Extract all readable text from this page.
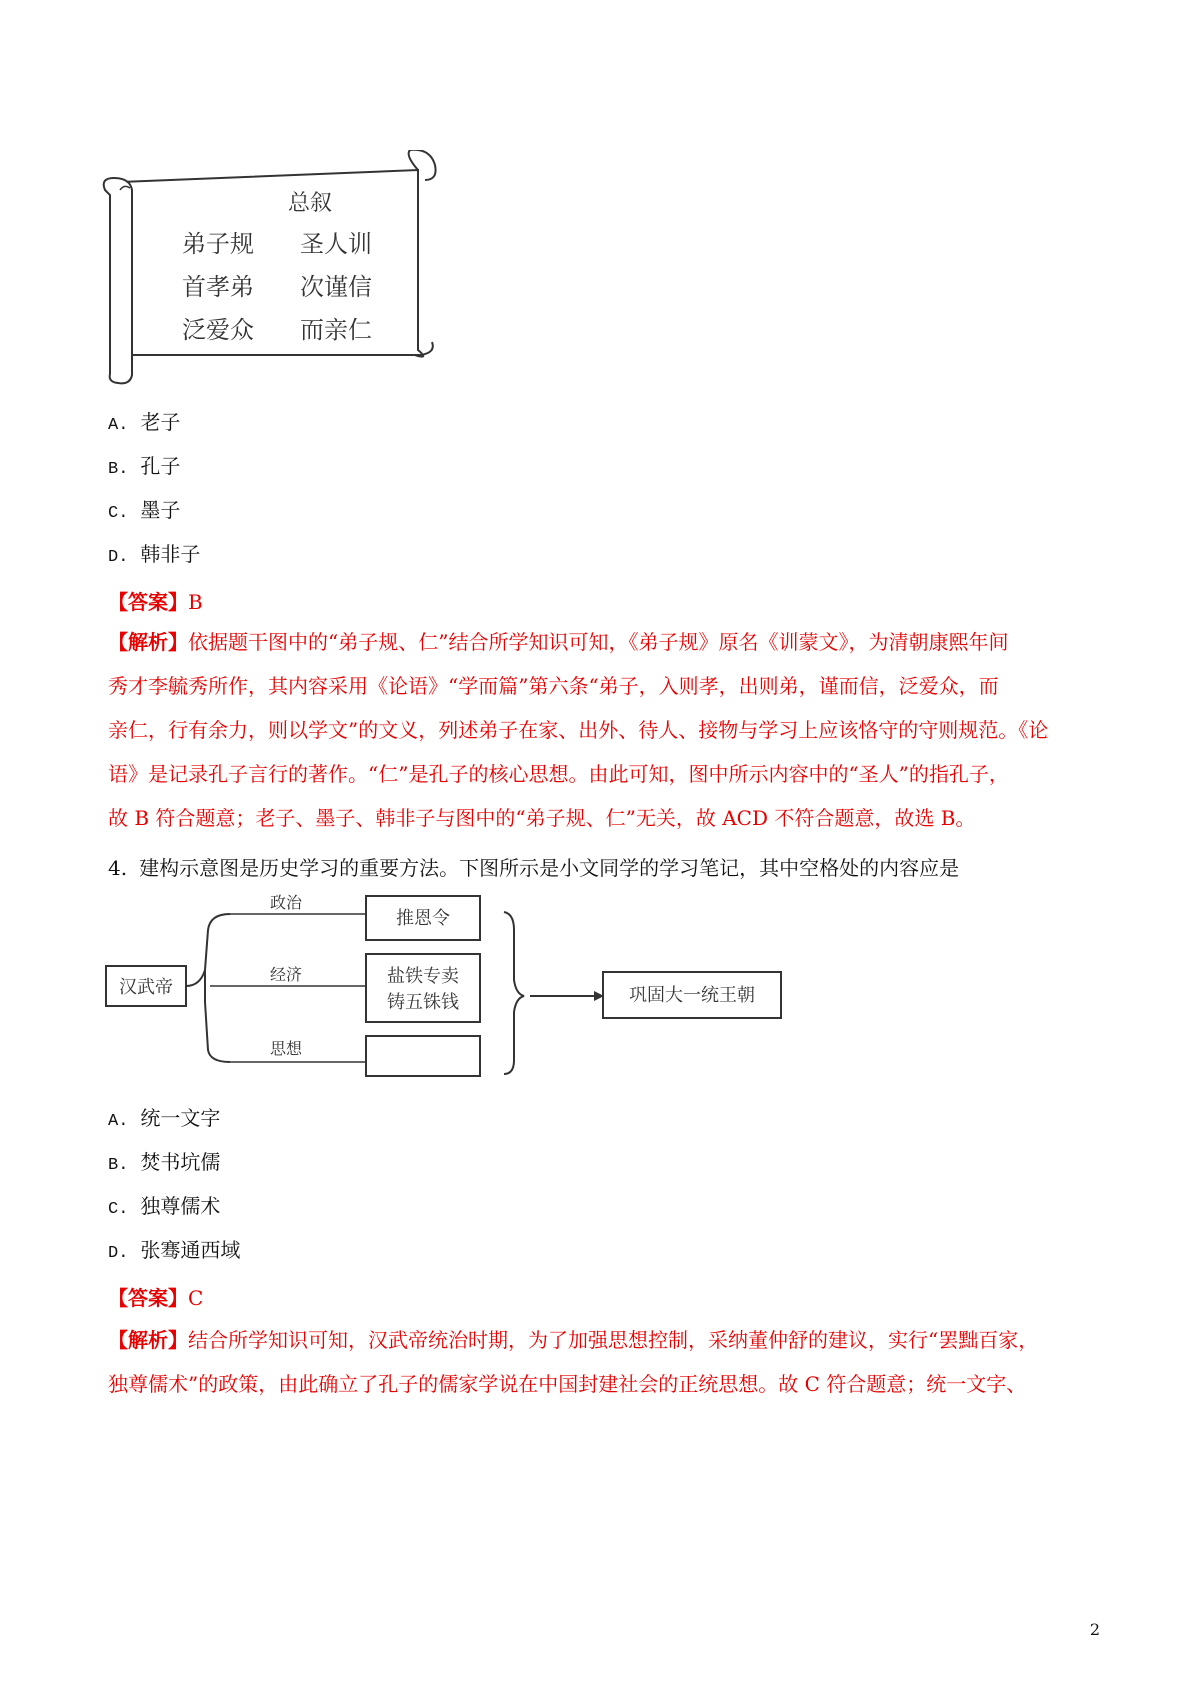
总叙
弟子规 圣人训
首孝弟 次谨信
泛爱众 而亲仁
A. 老子
B. 孔子
C. 墨子
D. 韩非子
【答案】B
【解析】依据题干图中的“弟子规、仁”结合所学知识可知，《弟子规》原名《训蒙文》，为清朝康熙年间
秀才李毓秀所作，其内容采用《论语》“学而篇”第六条“弟子，入则孝，出则弟，谨而信，泛爱众，而
亲仁，行有余力，则以学文”的文义，列述弟子在家、出外、待人、接物与学习上应该恪守的守则规范。《论
语》是记录孔子言行的著作。“仁”是孔子的核心思想。由此可知，图中所示内容中的“圣人”的指孔子，
故 B 符合题意；老子、墨子、韩非子与图中的“弟子规、仁”无关，故 ACD 不符合题意，故选 B。
4. 建构示意图是历史学习的重要方法。下图所示是小文同学的学习笔记，其中空格处的内容应是
汉武帝
政治
经济
思想
推恩令
盐铁专卖
铸五铢钱	巩固大一统王朝
A. 统一文字
B. 焚书坑儒
C. 独尊儒术
D. 张骞通西域
【答案】C
【解析】结合所学知识可知，汉武帝统治时期，为了加强思想控制，采纳董仲舒的建议，实行“罢黜百家，
独尊儒术”的政策，由此确立了孔子的儒家学说在中国封建社会的正统思想。故 C 符合题意；统一文字、
2
